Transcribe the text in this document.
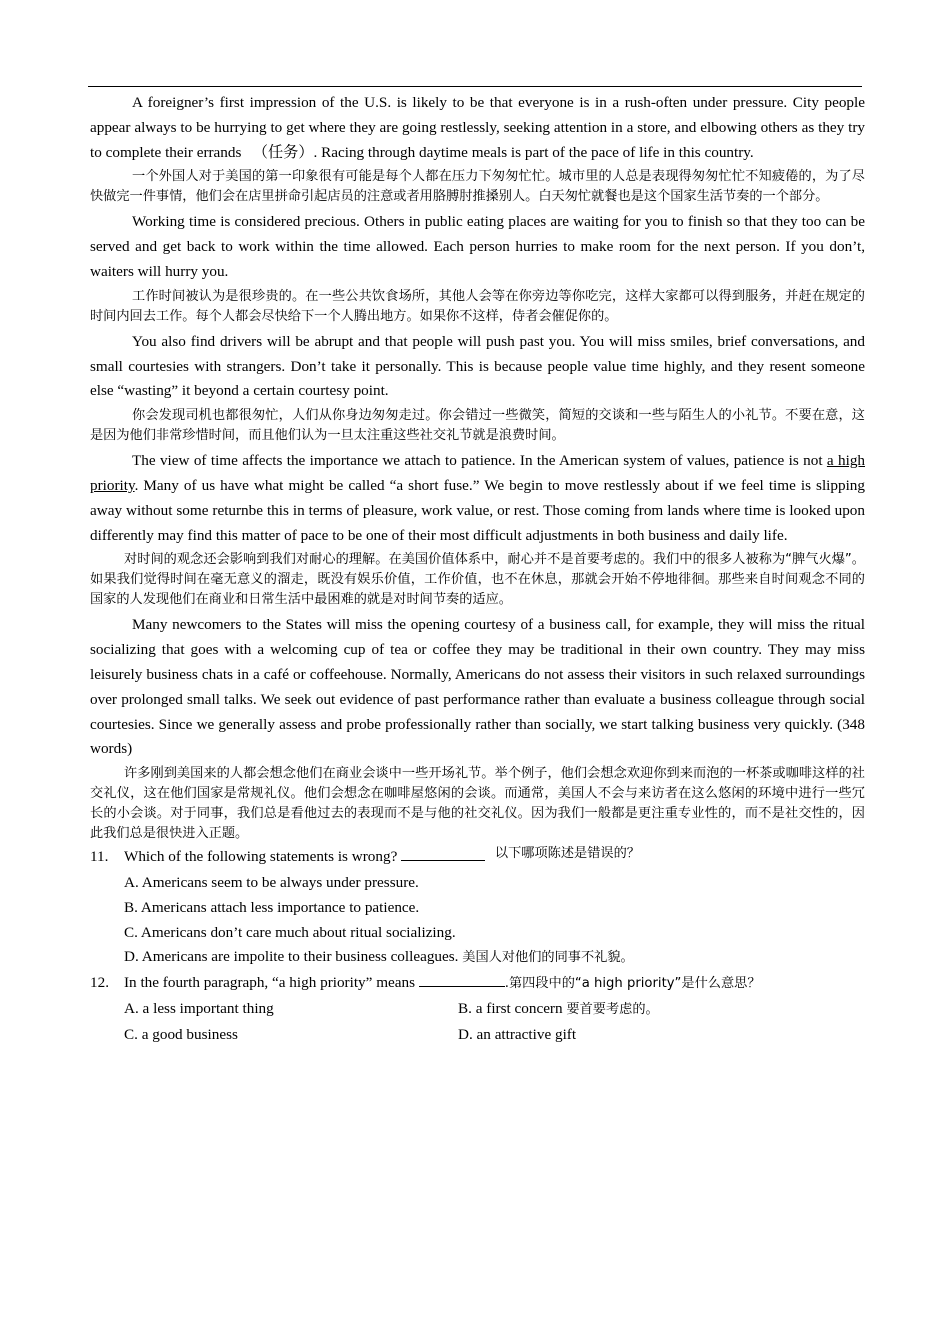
A foreigner’s first impression of the U.S. is likely to be that everyone is in a rush-often under pressure. City people appear always to be hurrying to get where they are going restlessly, seeking attention in a store, and elbowing others as they try to complete their errands 　（任务）. Racing through daytime meals is part of the pace of life in this country.

一个外国人对于美国的第一印象很有可能是每个人都在压力下匆匆忙忙。城市里的人总是表现得匆匆忙忙不知疲倦的，为了尽快做完一件事情，他们会在店里拼命引起店员的注意或者用胳膊肘推搡别人。白天匆忙就餐也是这个国家生活节奏的一个部分。

Working time is considered precious. Others in public eating places are waiting for you to finish so that they too can be served and get back to work within the time allowed. Each person hurries to make room for the next person. If you don’t, waiters will hurry you.

工作时间被认为是很珍贵的。在一些公共饮食场所，其他人会等在你旁边等你吃完，这样大家都可以得到服务，并赶在规定的时间内回去工作。每个人都会尽快给下一个人腾出地方。如果你不这样，侍者会催促你的。

You also find drivers will be abrupt and that people will push past you. You will miss smiles, brief conversations, and small courtesies with strangers. Don’t take it personally. This is because people value time highly, and they resent someone else “wasting” it beyond a certain courtesy point.

你会发现司机也都很匆忙，人们从你身边匆匆走过。你会错过一些微笑，简短的交谈和一些与陌生人的小礼节。不要在意，这是因为他们非常珍惜时间，而且他们认为一旦太注重这些社交礼节就是浪费时间。

The view of time affects the importance we attach to patience. In the American system of values, patience is not a high priority. Many of us have what might be called “a short fuse.” We begin to move restlessly about if we feel time is slipping away without some returnbe this in terms of pleasure, work value, or rest. Those coming from lands where time is looked upon differently may find this matter of pace to be one of their most difficult adjustments in both business and daily life.

对时间的观念还会影响到我们对耐心的理解。在美国价值体系中，耐心并不是首要考虑的。我们中的很多人被称为“脾气火爆”。如果我们觉得时间在毫无意义的溜走，既没有娱乐价值，工作价值，也不在休息，那就会开始不停地徘徊。那些来自时间观念不同的国家的人发现他们在商业和日常生活中最困难的就是对时间节奏的适应。

Many newcomers to the States will miss the opening courtesy of a business call, for example, they will miss the ritual socializing that goes with a welcoming cup of tea or coffee they may be traditional in their own country. They may miss leisurely business chats in a café or coffeehouse. Normally, Americans do not assess their visitors in such relaxed surroundings over prolonged small talks. We seek out evidence of past performance rather than evaluate a business colleague through social courtesies. Since we generally assess and probe professionally rather than socially, we start talking business very quickly. (348 words)

许多刚到美国来的人都会想念他们在商业会谈中一些开场礼节。举个例子，他们会想念欢迎你到来而泡的一杯茶或咖啡这样的社交礼仪，这在他们国家是常规礼仪。他们会想念在咖啡屋悠闲的会谈。而通常，美国人不会与来访者在这么悠闲的环境中进行一些冗长的小会谈。对于同事，我们总是看他过去的表现而不是与他的社交礼仪。因为我们一般都是更注重专业性的，而不是社交性的，因此我们总是很快进入正题。

11. Which of the following statements is wrong?	以下哪项陈述是错误的？

A. Americans seem to be always under pressure.

B. Americans attach less importance to patience.

C. Americans don’t care much about ritual socializing.

D. Americans are impolite to their business colleagues. 美国人对他们的同事不礼貌。

12. In the fourth paragraph, “a high priority” means	.第四段中的“a high priority”是什么意思？
A. a less important thing	B. a first concern 要首要考虑的。
C. a good business	D. an attractive gift
